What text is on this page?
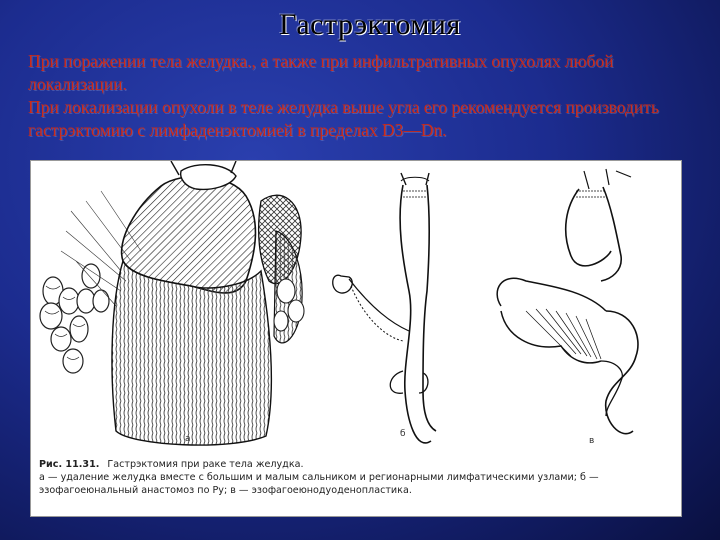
Гастрэктомия

При поражении тела желудка., а также при инфильтративных опухолях любой локализации.

При локализации опухоли в теле желудка выше угла его рекомендуется производить гастрэктомию с лимфаденэктомией в пределах D3—Dn.

а	б
в
Рис. 11.31. Гастрэктомия при раке тела желудка.
а — удаление желудка вместе с большим и малым сальником и регионарными лимфатическими узлами; б — эзофагоеюнальный анастомоз по Ру; в — эзофагоеюнодуоденопластика.
